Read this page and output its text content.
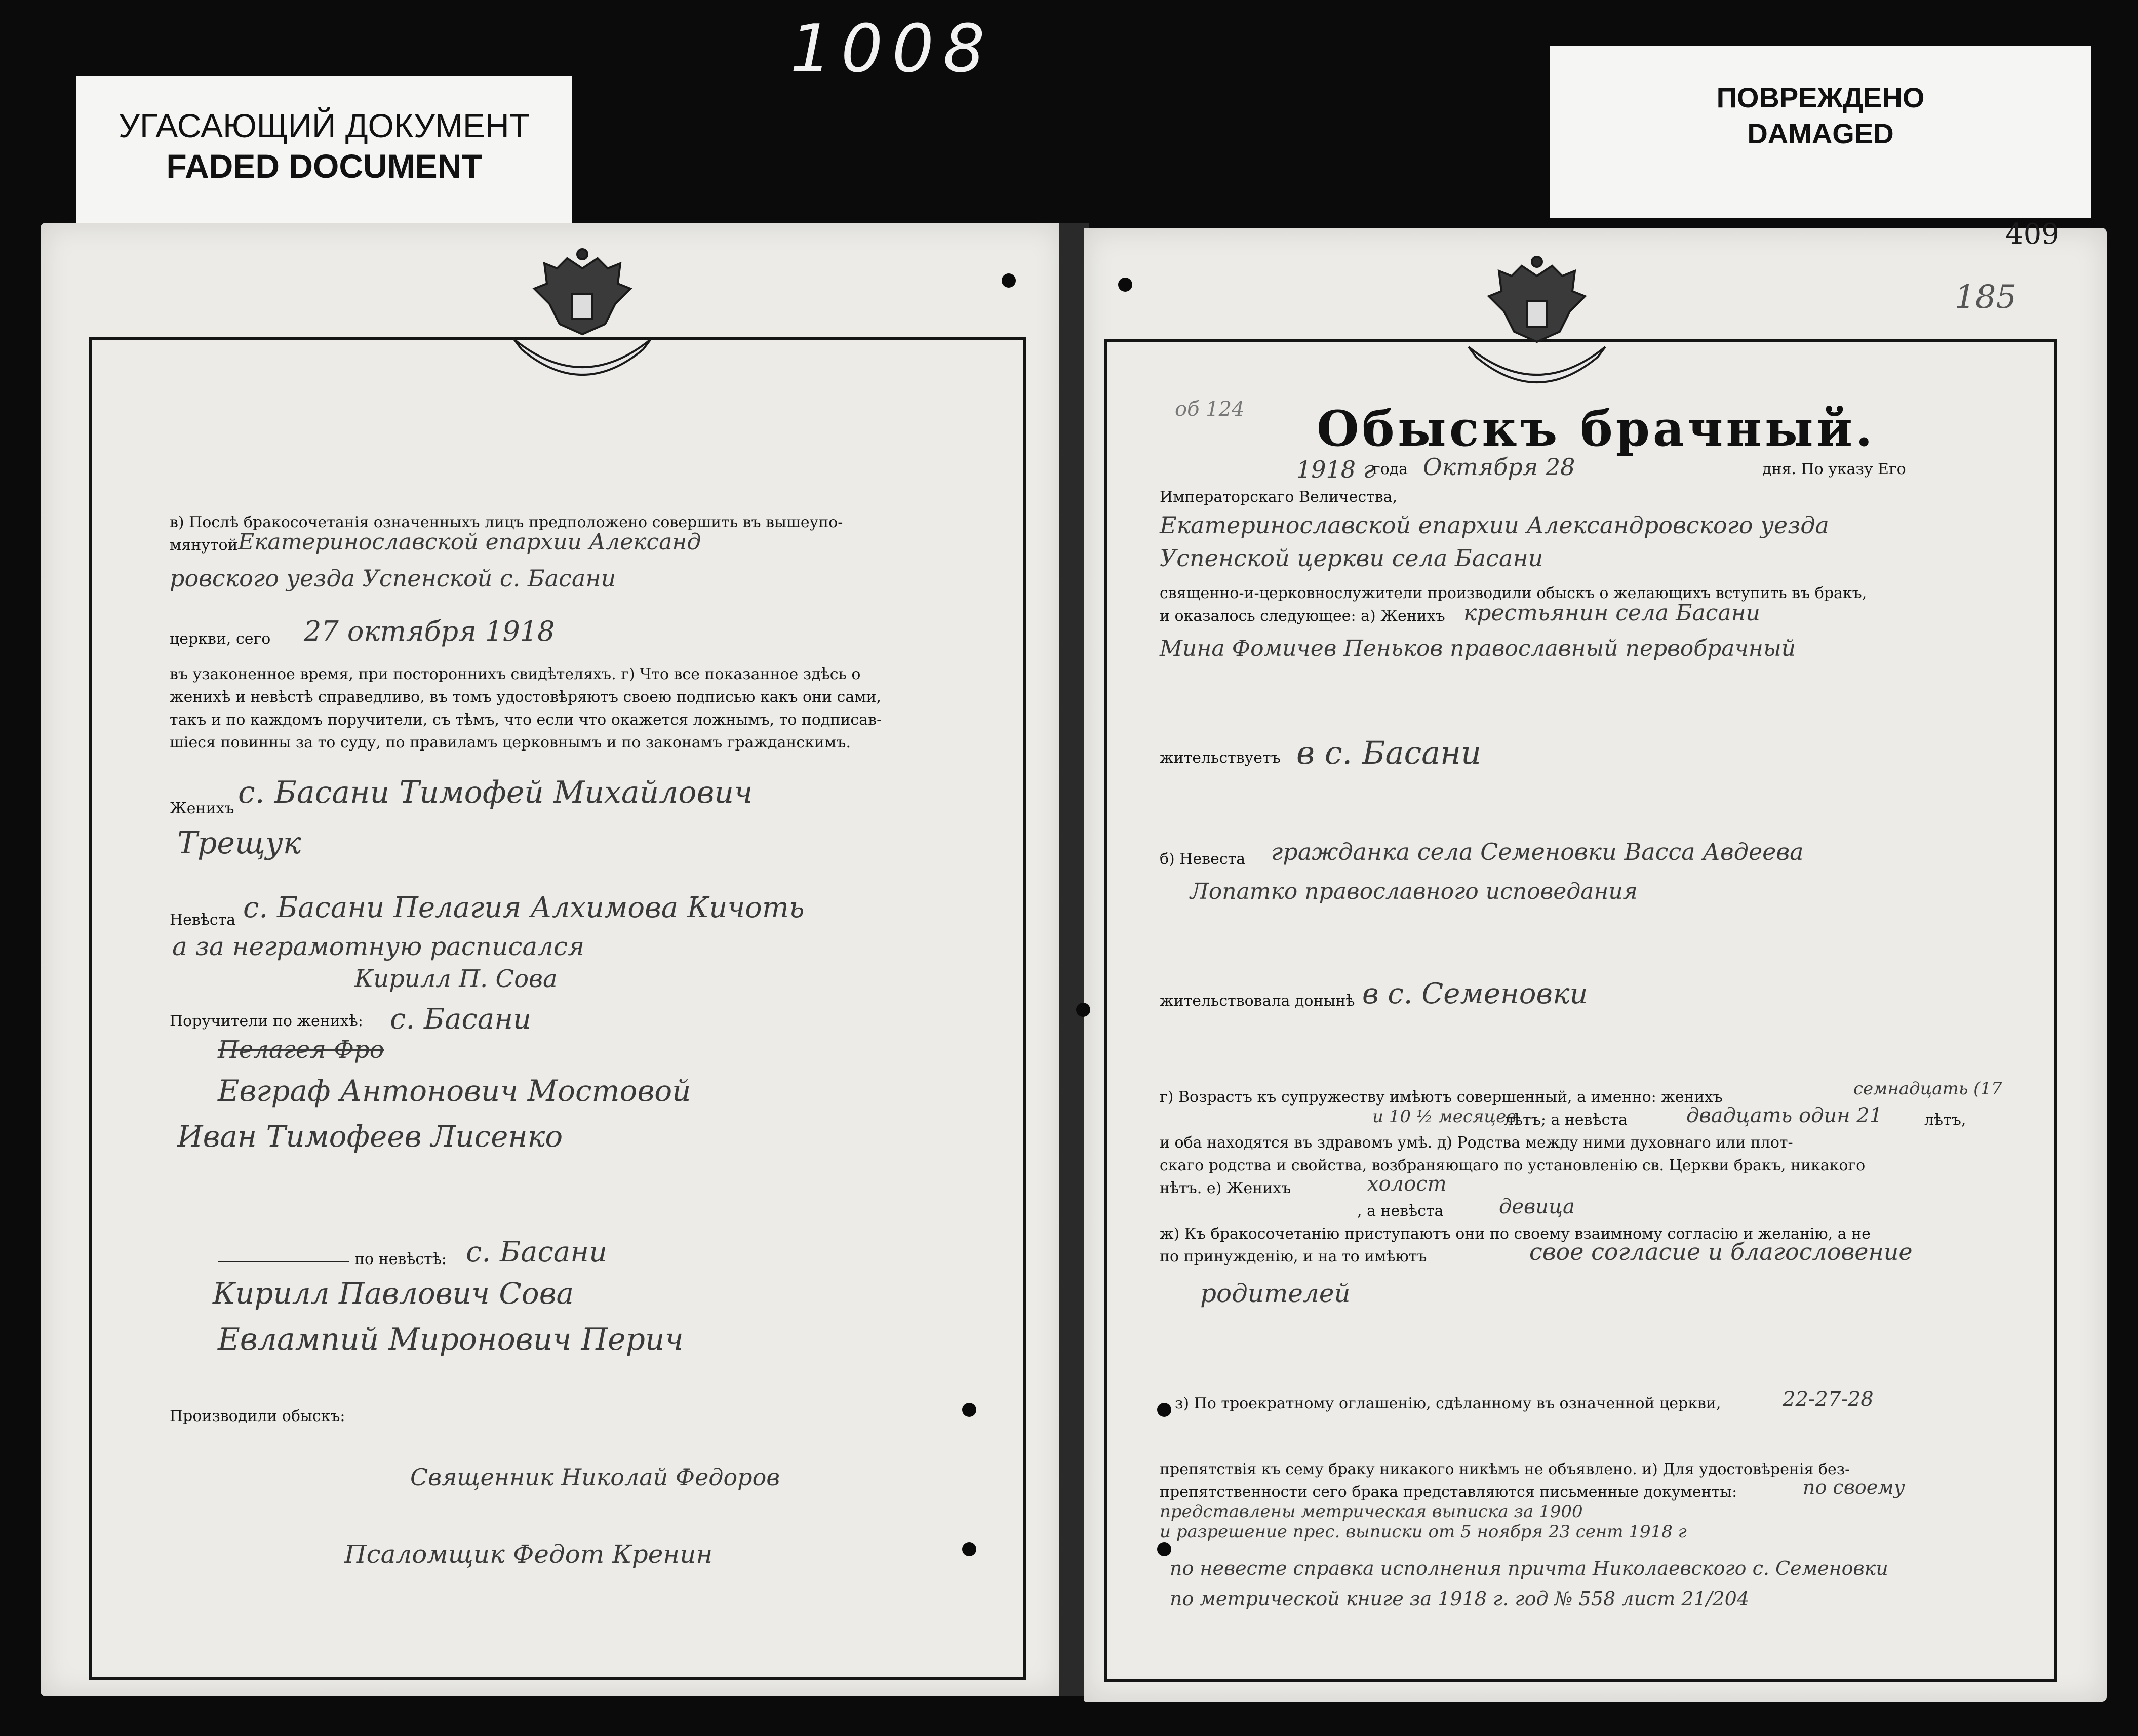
1008
УГАСАЮЩИЙ ДОКУМЕНТ
FADED DOCUMENT
ПОВРЕЖДЕНО
DAMAGED
409
185
об 124 Обыскъ брачный.
1918 г
года Октября 28	дня. По указу Его
Императорскаго Величества,
Екатеринославской епархии Александровского уезда
Успенской церкви села Басани
священно-и-церковнослужители производили обыскъ о желающихъ вступить въ бракъ,
и оказалось следующее: а) Женихъ крестьянин села Басани
Мина Фомичев Пеньков православный первобрачный
жительствуетъ в с. Басани
б) Невеста гражданка села Семеновки Васса Авдеева
Лопатко православного исповедания
жительствовала донынѣ в с. Семеновки
г) Возрастъ къ супружеству имѣютъ совершенный, а именно: женихъ	семнадцать (17
и 10 ½ месяцев
лѣтъ; а невѣста	двадцать один 21	лѣтъ,
и оба находятся въ здравомъ умѣ. д) Родства между ними духовнаго или плот-
скаго родства и свойства, возбраняющаго по установленію св. Церкви бракъ, никакого
нѣтъ. е) Женихъ	холост
, а невѣста	девица
ж) Къ бракосочетанію приступаютъ они по своему взаимному согласію и желанію, а не
по принужденію, и на то имѣютъ	свое согласие и благословение
родителей
з) По троекратному оглашенію, сдѣланному въ означенной церкви,	22-27-28
препятствія къ сему браку никакого никѣмъ не объявлено. и) Для удостовѣренія без-
препятственности сего брака представляются письменные документы:	по своему
представлены метрическая выписка за 1900
и разрешение прес. выписки от 5 ноября 23 сент 1918 г
по невесте справка исполнения причта Николаевского с. Семеновки
по метрической книге за 1918 г. год № 558 лист 21/204
в) Послѣ бракосочетанія означенныхъ лицъ предположено совершить въ вышеупо-
мянутой Екатеринославской епархии Александ
ровского уезда Успенской с. Басани
церкви, сего 27 октября 1918
въ узаконенное время, при постороннихъ свидѣтеляхъ. г) Что все показанное здѣсь о
женихѣ и невѣстѣ справедливо, въ томъ удостовѣряютъ своею подписью какъ они сами,
такъ и по каждомъ поручители, съ тѣмъ, что если что окажется ложнымъ, то подписав-
шіеся повинны за то суду, по правиламъ церковнымъ и по законамъ гражданскимъ.
Женихъ с. Басани Тимофей Михайлович
Трещук
Невѣста с. Басани Пелагия Алхимова Кичоть
а за неграмотную расписался
Кирилл П. Сова
Поручители по женихѣ: с. Басани
Пелагея Фро
Евграф Антонович Мостовой
Иван Тимофеев Лисенко
по невѣстѣ: с. Басани
Кирилл Павлович Сова
Евлампий Миронович Перич
Производили обыскъ:
Священник Николай Федоров
Псаломщик Федот Кренин
